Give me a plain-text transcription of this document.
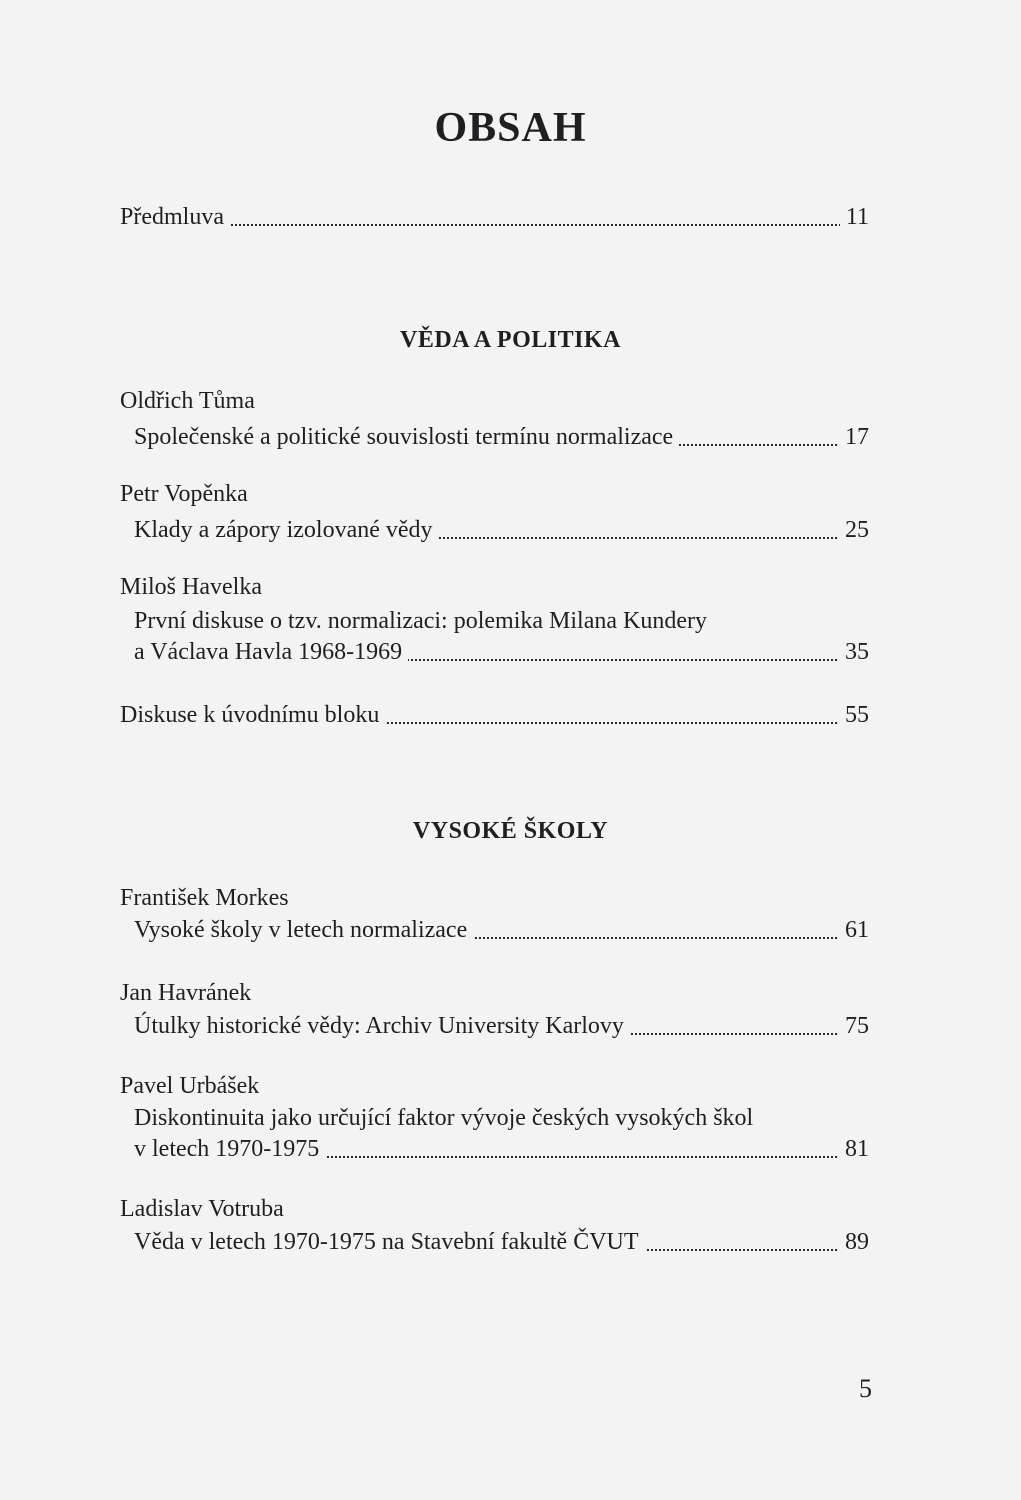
OBSAH
Předmluva	11
VĚDA A POLITIKA
Oldřich Tůma
Společenské a politické souvislosti termínu normalizace	17
Petr Vopěnka
Klady a zápory izolované vědy	25
Miloš Havelka
První diskuse o tzv. normalizaci: polemika Milana Kundery
a Václava Havla 1968-1969	35
Diskuse k úvodnímu bloku	55
VYSOKÉ ŠKOLY
František Morkes
Vysoké školy v letech normalizace	61
Jan Havránek
Útulky historické vědy: Archiv University Karlovy	75
Pavel Urbášek
Diskontinuita jako určující faktor vývoje českých vysokých škol
v letech 1970-1975	81
Ladislav Votruba
Věda v letech 1970-1975 na Stavební fakultě ČVUT	89
5
